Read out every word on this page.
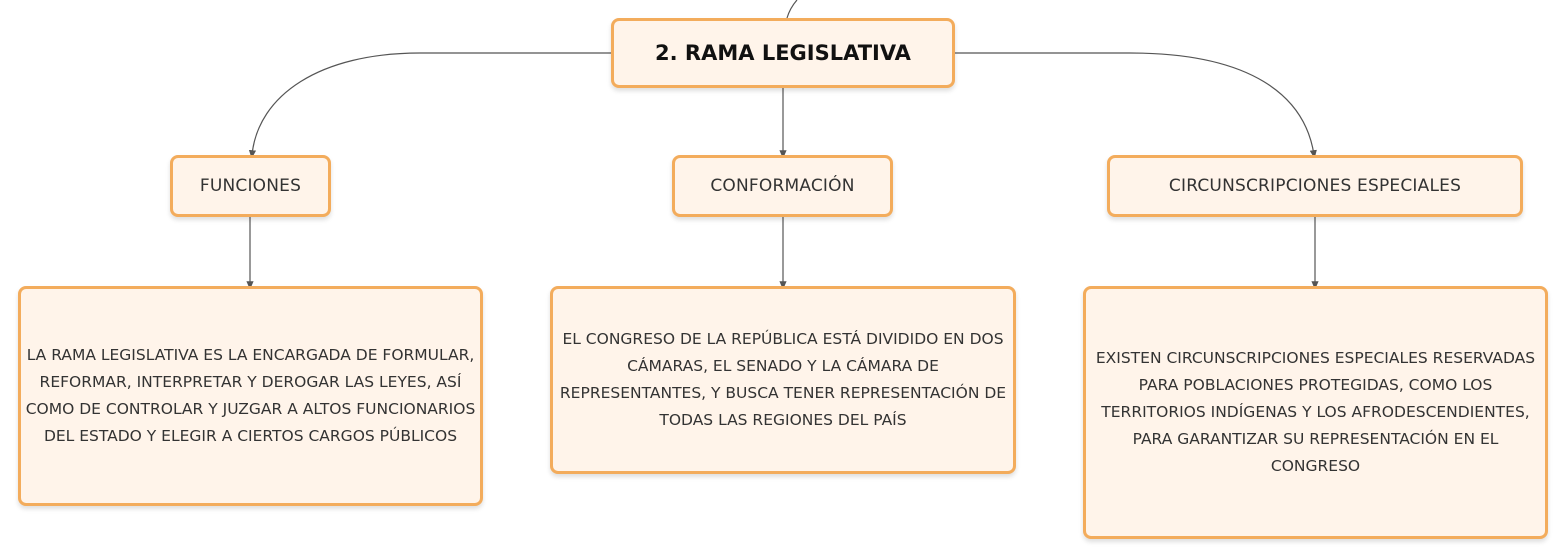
2. RAMA LEGISLATIVA
FUNCIONES	CONFORMACIÓN	CIRCUNSCRIPCIONES ESPECIALES
LA RAMA LEGISLATIVA ES LA ENCARGADA DE FORMULAR, REFORMAR, INTERPRETAR Y DEROGAR LAS LEYES, ASÍ COMO DE CONTROLAR Y JUZGAR A ALTOS FUNCIONARIOS DEL ESTADO Y ELEGIR A CIERTOS CARGOS PÚBLICOS
EL CONGRESO DE LA REPÚBLICA ESTÁ DIVIDIDO EN DOS CÁMARAS, EL SENADO Y LA CÁMARA DE REPRESENTANTES, Y BUSCA TENER REPRESENTACIÓN DE TODAS LAS REGIONES DEL PAÍS
EXISTEN CIRCUNSCRIPCIONES ESPECIALES RESERVADAS PARA POBLACIONES PROTEGIDAS, COMO LOS TERRITORIOS INDÍGENAS Y LOS AFRODESCENDIENTES, PARA GARANTIZAR SU REPRESENTACIÓN EN EL CONGRESO
